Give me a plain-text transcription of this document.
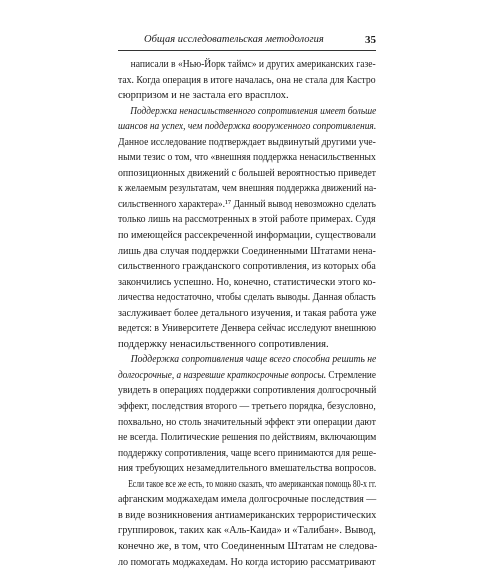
Общая исследовательская методология	35
написали в «Нью-Йорк таймс» и других американских газе-
тах. Когда операция в итоге началась, она не стала для Кастро
сюрпризом и не застала его врасплох.
Поддержка ненасильственного сопротивления имеет больше
шансов на успех, чем поддержка вооруженного сопротивления.
Данное исследование подтверждает выдвинутый другими уче-
ными тезис о том, что «внешняя поддержка ненасильственных
оппозиционных движений с большей вероятностью приведет
к желаемым результатам, чем внешняя поддержка движений на-
сильственного характера».¹⁷ Данный вывод невозможно сделать
только лишь на рассмотренных в этой работе примерах. Судя
по имеющейся рассекреченной информации, существовали
лишь два случая поддержки Соединенными Штатами нена-
сильственного гражданского сопротивления, из которых оба
закончились успешно. Но, конечно, статистически этого ко-
личества недостаточно, чтобы сделать выводы. Данная область
заслуживает более детального изучения, и такая работа уже
ведется: в Университете Денвера сейчас исследуют внешнюю
поддержку ненасильственного сопротивления.
Поддержка сопротивления чаще всего способна решить не
долгосрочные, а назревшие краткосрочные вопросы. Стремление
увидеть в операциях поддержки сопротивления долгосрочный
эффект, последствия второго — третьего порядка, безусловно,
похвально, но столь значительный эффект эти операции дают
не всегда. Политические решения по действиям, включающим
поддержку сопротивления, чаще всего принимаются для реше-
ния требующих незамедлительного вмешательства вопросов.
Если такое все же есть, то можно сказать, что американская помощь 80-х гг.
афганским моджахедам имела долгосрочные последствия —
в виде возникновения антиамериканских террористических
группировок, таких как «Аль-Каида» и «Талибан». Вывод,
конечно же, в том, что Соединенным Штатам не следова-
ло помогать моджахедам. Но когда историю рассматривают
